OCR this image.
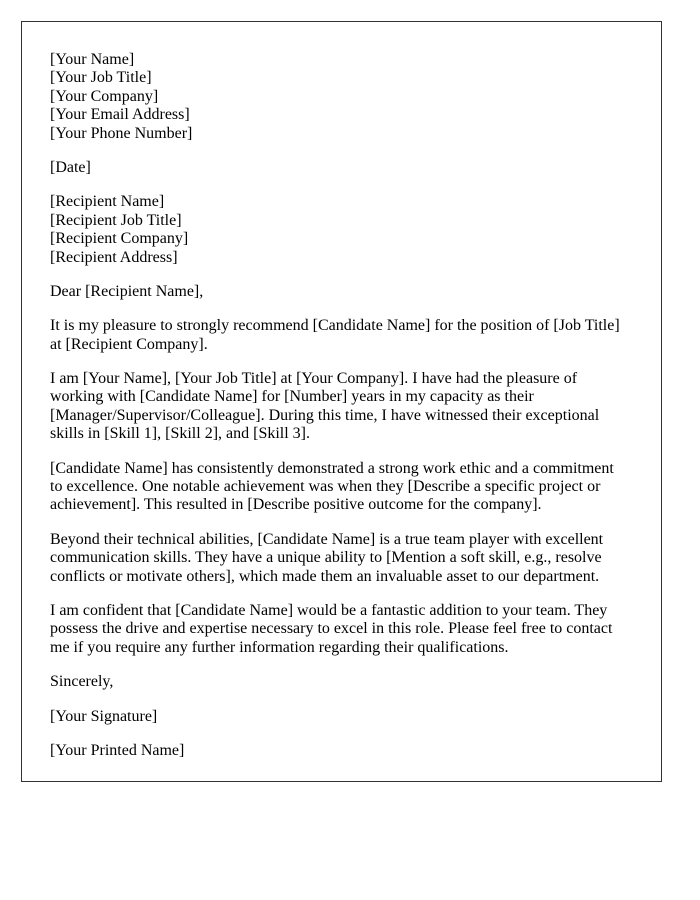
[Your Name]
[Your Job Title]
[Your Company]
[Your Email Address]
[Your Phone Number]

[Date]

[Recipient Name]
[Recipient Job Title]
[Recipient Company]
[Recipient Address]

Dear [Recipient Name],

It is my pleasure to strongly recommend [Candidate Name] for the position of [Job Title] at [Recipient Company].

I am [Your Name], [Your Job Title] at [Your Company]. I have had the pleasure of working with [Candidate Name] for [Number] years in my capacity as their [Manager/Supervisor/Colleague]. During this time, I have witnessed their exceptional skills in [Skill 1], [Skill 2], and [Skill 3].

[Candidate Name] has consistently demonstrated a strong work ethic and a commitment to excellence. One notable achievement was when they [Describe a specific project or achievement]. This resulted in [Describe positive outcome for the company].

Beyond their technical abilities, [Candidate Name] is a true team player with excellent communication skills. They have a unique ability to [Mention a soft skill, e.g., resolve conflicts or motivate others], which made them an invaluable asset to our department.

I am confident that [Candidate Name] would be a fantastic addition to your team. They possess the drive and expertise necessary to excel in this role. Please feel free to contact me if you require any further information regarding their qualifications.

Sincerely,

[Your Signature]

[Your Printed Name]
